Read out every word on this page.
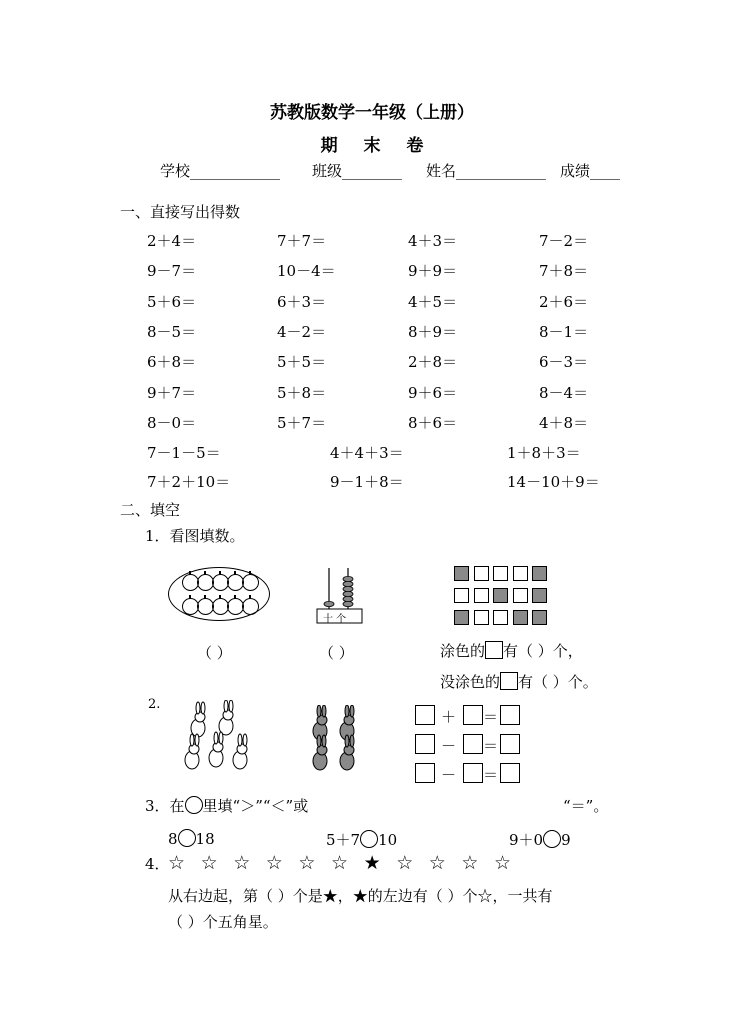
苏教版数学一年级（上册）
期 末 卷
学校____________ 班级________ 姓名____________ 成绩____
一、直接写出得数
2＋4＝	7＋7＝	4＋3＝	7－2＝
9－7＝	10－4＝	9＋9＝	7＋8＝
5＋6＝	6＋3＝	4＋5＝	2＋6＝
8－5＝	4－2＝	8＋9＝	8－1＝
6＋8＝	5＋5＝	2＋8＝	6－3＝
9＋7＝	5＋8＝	9＋6＝	8－4＝
8－0＝	5＋7＝	8＋6＝	4＋8＝
7－1－5＝	4＋4＋3＝	1＋8＋3＝
7＋2＋10＝	9－1＋8＝	14－10＋9＝
二、填空
1．看图填数。
（ ）
十 个
（ ）	涂色的 有（ ）个，
没涂色的 有（ ）个。
2.
＋ ＝
－ ＝
－ ＝
3．在 里填“＞”“＜”或	“＝”。
8 18	5＋7 10	9＋0 9
4．
☆ ☆ ☆ ☆ ☆ ☆ ★ ☆ ☆ ☆ ☆
从右边起，第（ ）个是★，★的左边有（ ）个☆，一共有
（ ）个五角星。
